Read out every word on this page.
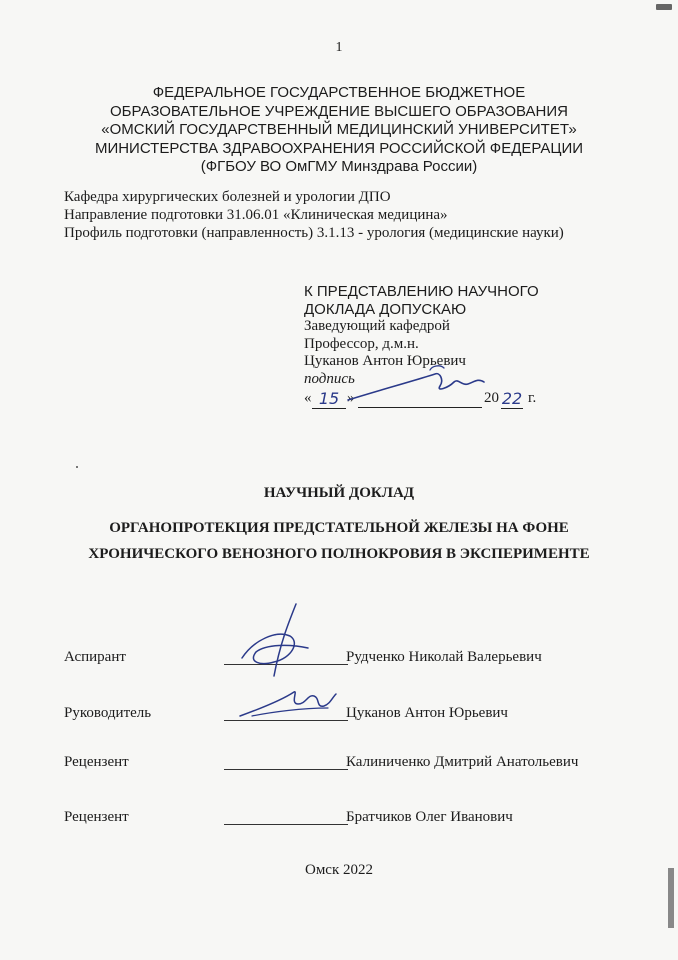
1
ФЕДЕРАЛЬНОЕ ГОСУДАРСТВЕННОЕ БЮДЖЕТНОЕ
ОБРАЗОВАТЕЛЬНОЕ УЧРЕЖДЕНИЕ ВЫСШЕГО ОБРАЗОВАНИЯ
«ОМСКИЙ ГОСУДАРСТВЕННЫЙ МЕДИЦИНСКИЙ УНИВЕРСИТЕТ»
МИНИСТЕРСТВА ЗДРАВООХРАНЕНИЯ РОССИЙСКОЙ ФЕДЕРАЦИИ
(ФГБОУ ВО ОмГМУ Минздрава России)
Кафедра хирургических болезней и урологии ДПО
Направление подготовки 31.06.01 «Клиническая медицина»
Профиль подготовки (направленность) 3.1.13 - урология (медицинские науки)
К ПРЕДСТАВЛЕНИЮ НАУЧНОГО
ДОКЛАДА ДОПУСКАЮ
Заведующий кафедрой
Профессор, д.м.н.
Цуканов Антон Юрьевич
подпись
« 15 »	20 22 г.
НАУЧНЫЙ ДОКЛАД
ОРГАНОПРОТЕКЦИЯ ПРЕДСТАТЕЛЬНОЙ ЖЕЛЕЗЫ НА ФОНЕ
ХРОНИЧЕСКОГО ВЕНОЗНОГО ПОЛНОКРОВИЯ В ЭКСПЕРИМЕНТЕ
Аспирант	Рудченко Николай Валерьевич
Руководитель	Цуканов Антон Юрьевич
Рецензент	Калиниченко Дмитрий Анатольевич
Рецензент	Братчиков Олег Иванович
Омск 2022
